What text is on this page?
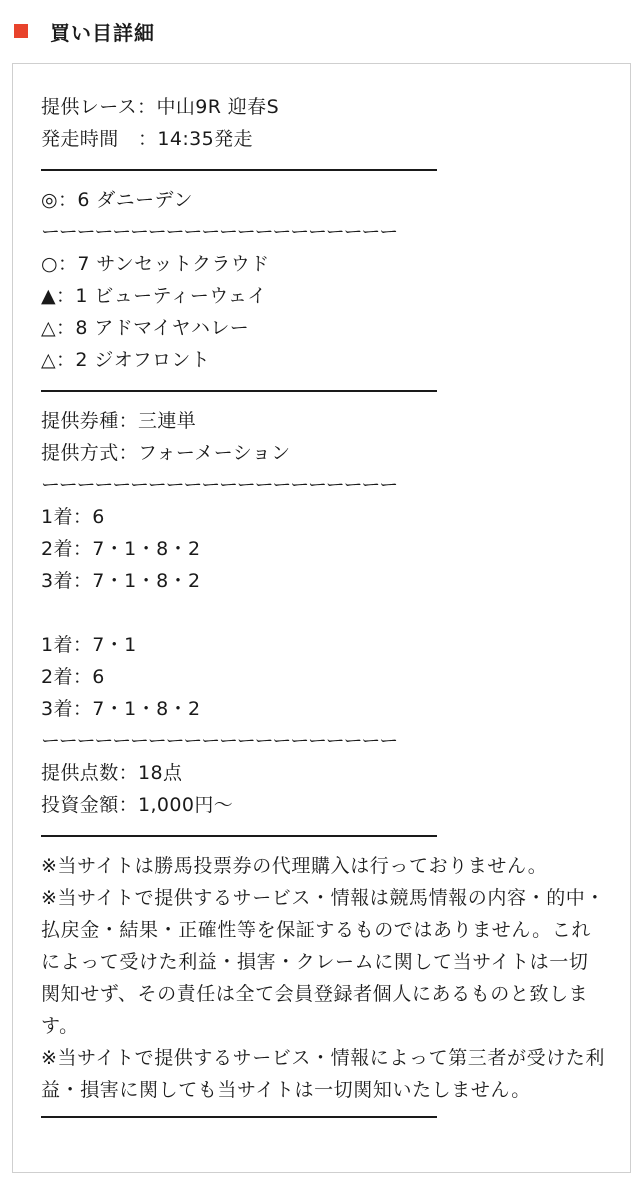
買い目詳細
提供レース：中山9R 迎春S
発走時間　：14:35発走
◎：6 ダニーデン
ーーーーーーーーーーーーーーーーーーーー
○：7 サンセットクラウド
▲：1 ビューティーウェイ
△：8 アドマイヤハレー
△：2 ジオフロント
提供券種：三連単
提供方式：フォーメーション
ーーーーーーーーーーーーーーーーーーーー
1着：6
2着：7・1・8・2
3着：7・1・8・2
1着：7・1
2着：6
3着：7・1・8・2
ーーーーーーーーーーーーーーーーーーーー
提供点数：18点
投資金額：1,000円〜
※当サイトは勝馬投票券の代理購入は行っておりません。
※当サイトで提供するサービス・情報は競馬情報の内容・的中・払戻金・結果・正確性等を保証するものではありません。これによって受けた利益・損害・クレームに関して当サイトは一切関知せず、その責任は全て会員登録者個人にあるものと致します。
※当サイトで提供するサービス・情報によって第三者が受けた利益・損害に関しても当サイトは一切関知いたしません。
